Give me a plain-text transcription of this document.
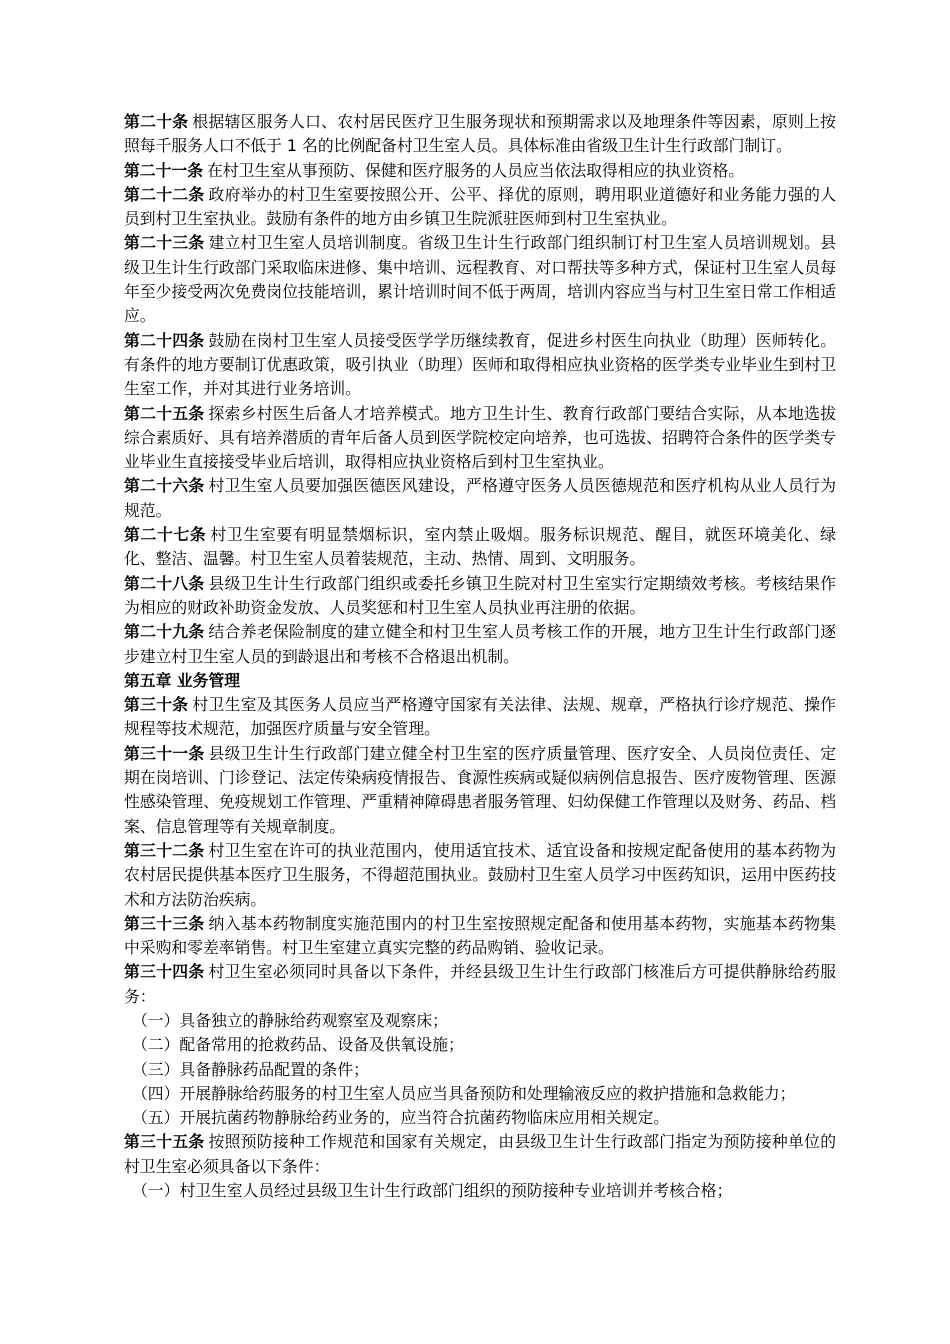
第二十条 根据辖区服务人口、农村居民医疗卫生服务现状和预期需求以及地理条件等因素，原则上按照每千服务人口不低于 1 名的比例配备村卫生室人员。具体标准由省级卫生计生行政部门制订。

第二十一条 在村卫生室从事预防、保健和医疗服务的人员应当依法取得相应的执业资格。

第二十二条 政府举办的村卫生室要按照公开、公平、择优的原则，聘用职业道德好和业务能力强的人员到村卫生室执业。鼓励有条件的地方由乡镇卫生院派驻医师到村卫生室执业。

第二十三条 建立村卫生室人员培训制度。省级卫生计生行政部门组织制订村卫生室人员培训规划。县级卫生计生行政部门采取临床进修、集中培训、远程教育、对口帮扶等多种方式，保证村卫生室人员每年至少接受两次免费岗位技能培训，累计培训时间不低于两周，培训内容应当与村卫生室日常工作相适应。

第二十四条 鼓励在岗村卫生室人员接受医学学历继续教育，促进乡村医生向执业（助理）医师转化。有条件的地方要制订优惠政策，吸引执业（助理）医师和取得相应执业资格的医学类专业毕业生到村卫生室工作，并对其进行业务培训。

第二十五条 探索乡村医生后备人才培养模式。地方卫生计生、教育行政部门要结合实际，从本地选拔综合素质好、具有培养潜质的青年后备人员到医学院校定向培养，也可选拔、招聘符合条件的医学类专业毕业生直接接受毕业后培训，取得相应执业资格后到村卫生室执业。

第二十六条 村卫生室人员要加强医德医风建设，严格遵守医务人员医德规范和医疗机构从业人员行为规范。

第二十七条 村卫生室要有明显禁烟标识，室内禁止吸烟。服务标识规范、醒目，就医环境美化、绿化、整洁、温馨。村卫生室人员着装规范，主动、热情、周到、文明服务。

第二十八条 县级卫生计生行政部门组织或委托乡镇卫生院对村卫生室实行定期绩效考核。考核结果作为相应的财政补助资金发放、人员奖惩和村卫生室人员执业再注册的依据。

第二十九条 结合养老保险制度的建立健全和村卫生室人员考核工作的开展，地方卫生计生行政部门逐步建立村卫生室人员的到龄退出和考核不合格退出机制。

第五章 业务管理

第三十条 村卫生室及其医务人员应当严格遵守国家有关法律、法规、规章，严格执行诊疗规范、操作规程等技术规范，加强医疗质量与安全管理。

第三十一条 县级卫生计生行政部门建立健全村卫生室的医疗质量管理、医疗安全、人员岗位责任、定期在岗培训、门诊登记、法定传染病疫情报告、食源性疾病或疑似病例信息报告、医疗废物管理、医源性感染管理、免疫规划工作管理、严重精神障碍患者服务管理、妇幼保健工作管理以及财务、药品、档案、信息管理等有关规章制度。

第三十二条 村卫生室在许可的执业范围内，使用适宜技术、适宜设备和按规定配备使用的基本药物为农村居民提供基本医疗卫生服务，不得超范围执业。鼓励村卫生室人员学习中医药知识，运用中医药技术和方法防治疾病。

第三十三条 纳入基本药物制度实施范围内的村卫生室按照规定配备和使用基本药物，实施基本药物集中采购和零差率销售。村卫生室建立真实完整的药品购销、验收记录。

第三十四条 村卫生室必须同时具备以下条件，并经县级卫生计生行政部门核准后方可提供静脉给药服务：

（一）具备独立的静脉给药观察室及观察床；

（二）配备常用的抢救药品、设备及供氧设施；

（三）具备静脉药品配置的条件；

（四）开展静脉给药服务的村卫生室人员应当具备预防和处理输液反应的救护措施和急救能力；

（五）开展抗菌药物静脉给药业务的，应当符合抗菌药物临床应用相关规定。

第三十五条 按照预防接种工作规范和国家有关规定，由县级卫生计生行政部门指定为预防接种单位的村卫生室必须具备以下条件：

（一）村卫生室人员经过县级卫生计生行政部门组织的预防接种专业培训并考核合格；
